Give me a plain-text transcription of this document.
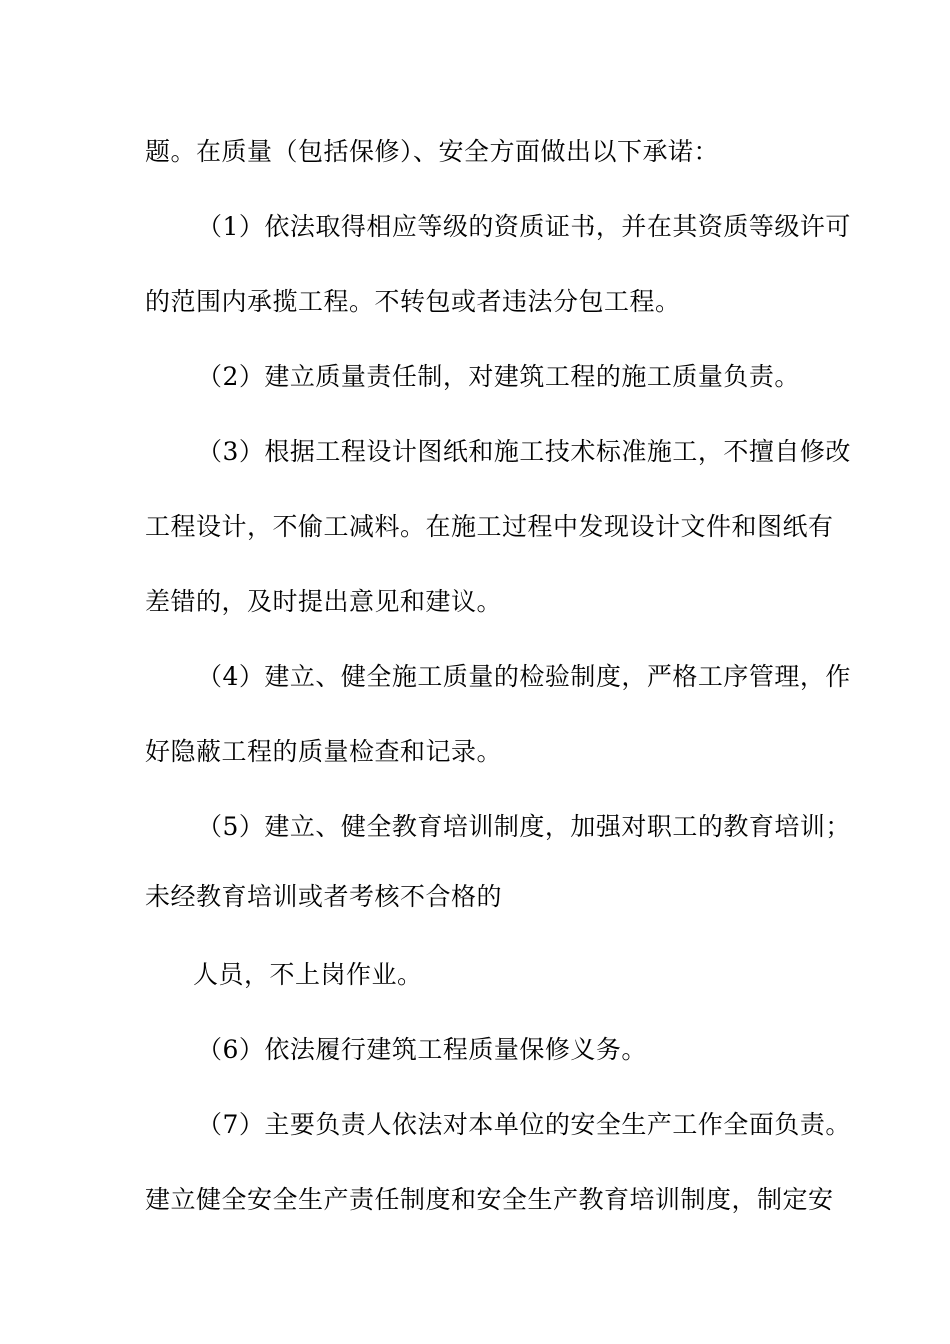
题。在质量（包括保修）、安全方面做出以下承诺：
（1）依法取得相应等级的资质证书，并在其资质等级许可
的范围内承揽工程。不转包或者违法分包工程。
（2）建立质量责任制，对建筑工程的施工质量负责。
（3）根据工程设计图纸和施工技术标准施工，不擅自修改
工程设计，不偷工减料。在施工过程中发现设计文件和图纸有
差错的，及时提出意见和建议。
（4）建立、健全施工质量的检验制度，严格工序管理，作
好隐蔽工程的质量检查和记录。
（5）建立、健全教育培训制度，加强对职工的教育培训；
未经教育培训或者考核不合格的
人员，不上岗作业。
（6）依法履行建筑工程质量保修义务。
（7）主要负责人依法对本单位的安全生产工作全面负责。
建立健全安全生产责任制度和安全生产教育培训制度，制定安
